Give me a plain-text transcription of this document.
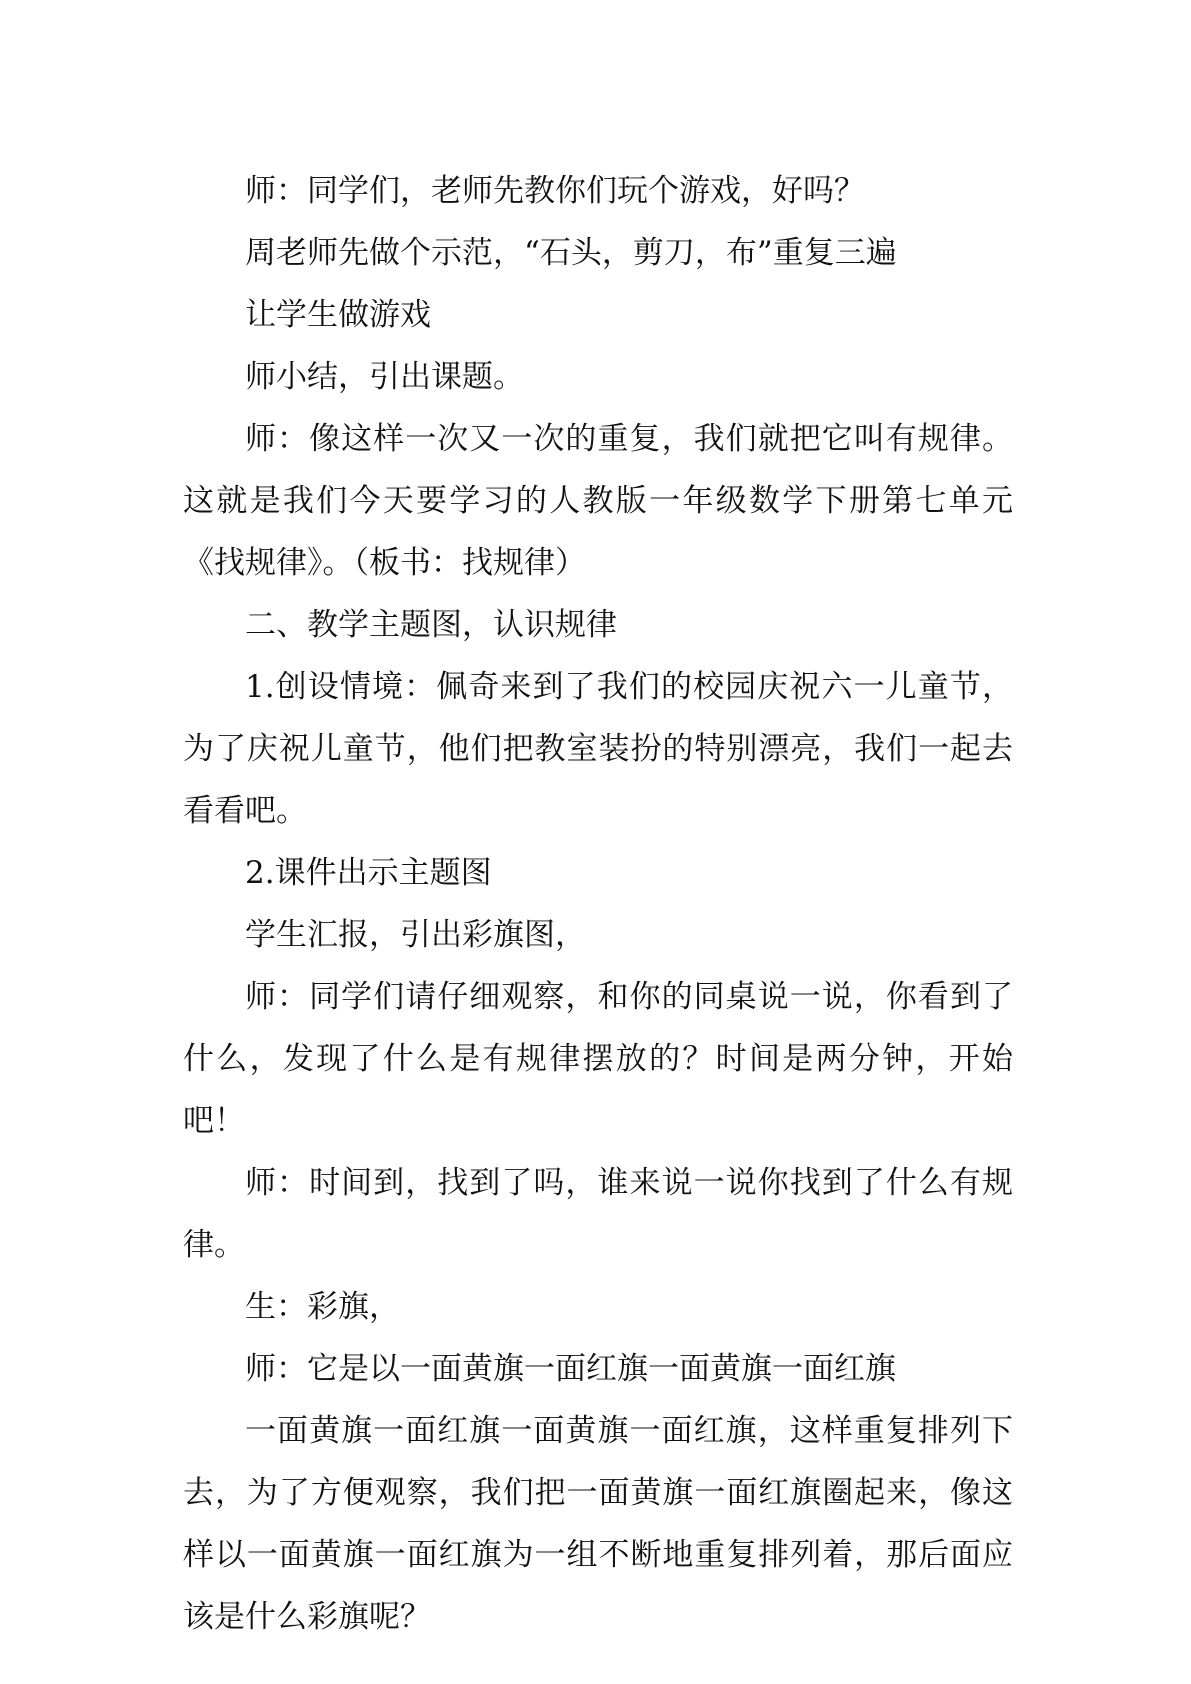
师：同学们，老师先教你们玩个游戏，好吗？

周老师先做个示范，“石头，剪刀，布”重复三遍

让学生做游戏

师小结，引出课题。

师：像这样一次又一次的重复，我们就把它叫有规律。这就是我们今天要学习的人教版一年级数学下册第七单元《找规律》。（板书：找规律）

二、教学主题图，认识规律

1.创设情境：佩奇来到了我们的校园庆祝六一儿童节，为了庆祝儿童节，他们把教室装扮的特别漂亮，我们一起去看看吧。

2.课件出示主题图

学生汇报，引出彩旗图，

师：同学们请仔细观察，和你的同桌说一说，你看到了什么，发现了什么是有规律摆放的？时间是两分钟，开始吧！

师：时间到，找到了吗，谁来说一说你找到了什么有规律。

生：彩旗，

师：它是以一面黄旗一面红旗一面黄旗一面红旗

一面黄旗一面红旗一面黄旗一面红旗，这样重复排列下去，为了方便观察，我们把一面黄旗一面红旗圈起来，像这样以一面黄旗一面红旗为一组不断地重复排列着，那后面应该是什么彩旗呢？
